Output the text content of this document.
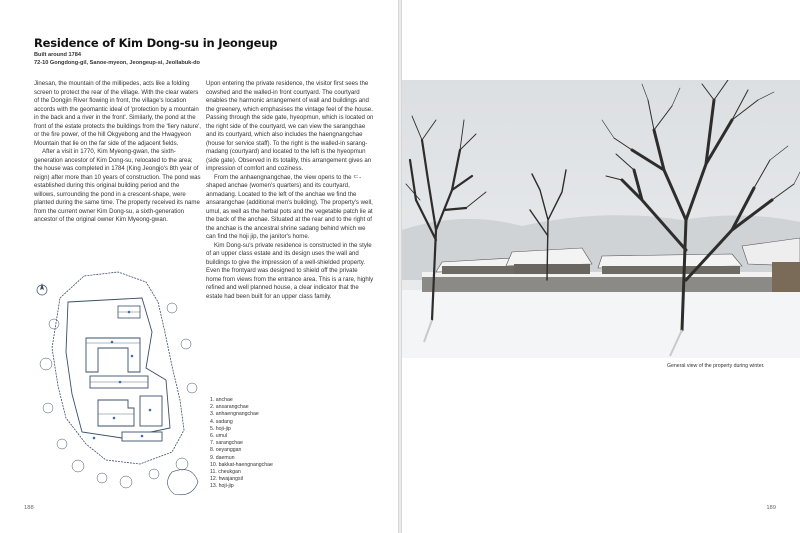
Residence of Kim Dong-su in Jeongeup
Built around 1784
72-10 Gongdong-gil, Sanoe-myeon, Jeongeup-si, Jeollabuk-do

Jinesan, the mountain of the millipedes, acts like a folding screen to protect the rear of the village. With the clear waters of the Dongjin River flowing in front, the village's location accords with the geomantic ideal of 'protection by a mountain in the back and a river in the front'. Similarly, the pond at the front of the estate protects the buildings from the 'fiery nature', or the fire power, of the hill Okgyebong and the Hwagyeon Mountain that lie on the far side of the adjacent fields.

After a visit in 1770, Kim Myeong-gwan, the sixth-generation ancestor of Kim Dong-su, relocated to the area; the house was completed in 1784 (King Jeongjo's 8th year of reign) after more than 10 years of construction. The pond was established during this original building period and the willows, surrounding the pond in a crescent-shape, were planted during the same time. The property received its name from the current owner Kim Dong-su, a sixth-generation ancestor of the original owner Kim Myeong-gwan.

Upon entering the private residence, the visitor first sees the cowshed and the walled-in front courtyard. The courtyard enables the harmonic arrangement of wall and buildings and the greenery, which emphasises the vintage feel of the house. Passing through the side gate, hyeopmun, which is located on the right side of the courtyard, we can view the sarangchae and its courtyard, which also includes the haengnangchae (house for service staff). To the right is the walled-in sarang-madang (courtyard) and located to the left is the hyeopmun (side gate). Observed in its totality, this arrangement gives an impression of comfort and coziness.

From the anhaengnangchae, the view opens to the ㄷ-shaped anchae (women's quarters) and its courtyard, anmadang. Located to the left of the anchae we find the ansarangchae (additional men's building). The property's well, umul, as well as the herbal pots and the vegetable patch lie at the back of the anchae. Situated at the rear and to the right of the anchae is the ancestral shrine sadang behind which we can find the hoji jip, the janitor's home.

Kim Dong-su's private residence is constructed in the style of an upper class estate and its design uses the wall and buildings to give the impression of a well-shielded property. Even the frontyard was designed to shield off the private home from views from the entrance area. This is a rare, highly refined and well planned house, a clear indicator that the estate had been built for an upper class family.

1. anchae
2. ansarangchae
3. anhaengnangchae
4. sadang
5. hoji-jip
6. umul
7. sarangchae
8. oeyanggan
9. daemun
10. bakkat-haengnangchae
11. cheukgan
12. hwajangsil
13. hoji-jip
188	189
General view of the property during winter.
